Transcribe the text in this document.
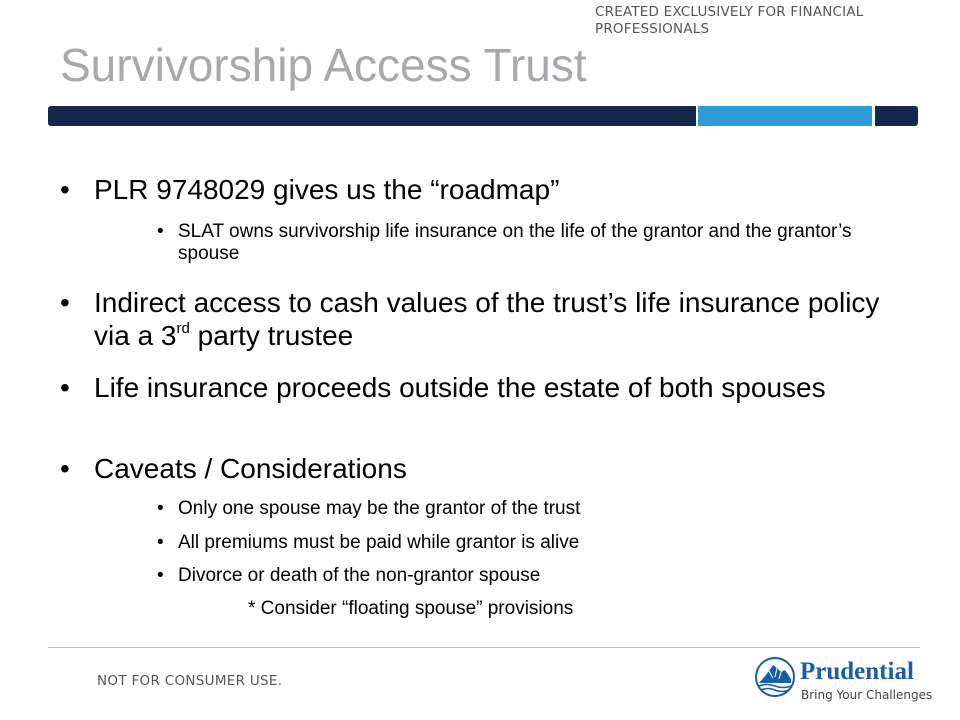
CREATED EXCLUSIVELY FOR FINANCIAL
PROFESSIONALS
Survivorship Access Trust
• PLR 9748029 gives us the “roadmap”
• SLAT owns survivorship life insurance on the life of the grantor and the grantor’s spouse
• Indirect access to cash values of the trust’s life insurance policy via a 3rd party trustee
• Life insurance proceeds outside the estate of both spouses
• Caveats / Considerations
• Only one spouse may be the grantor of the trust
• All premiums must be paid while grantor is alive
• Divorce or death of the non-grantor spouse
* Consider “floating spouse” provisions
NOT FOR CONSUMER USE.	Prudential
Bring Your Challenges
